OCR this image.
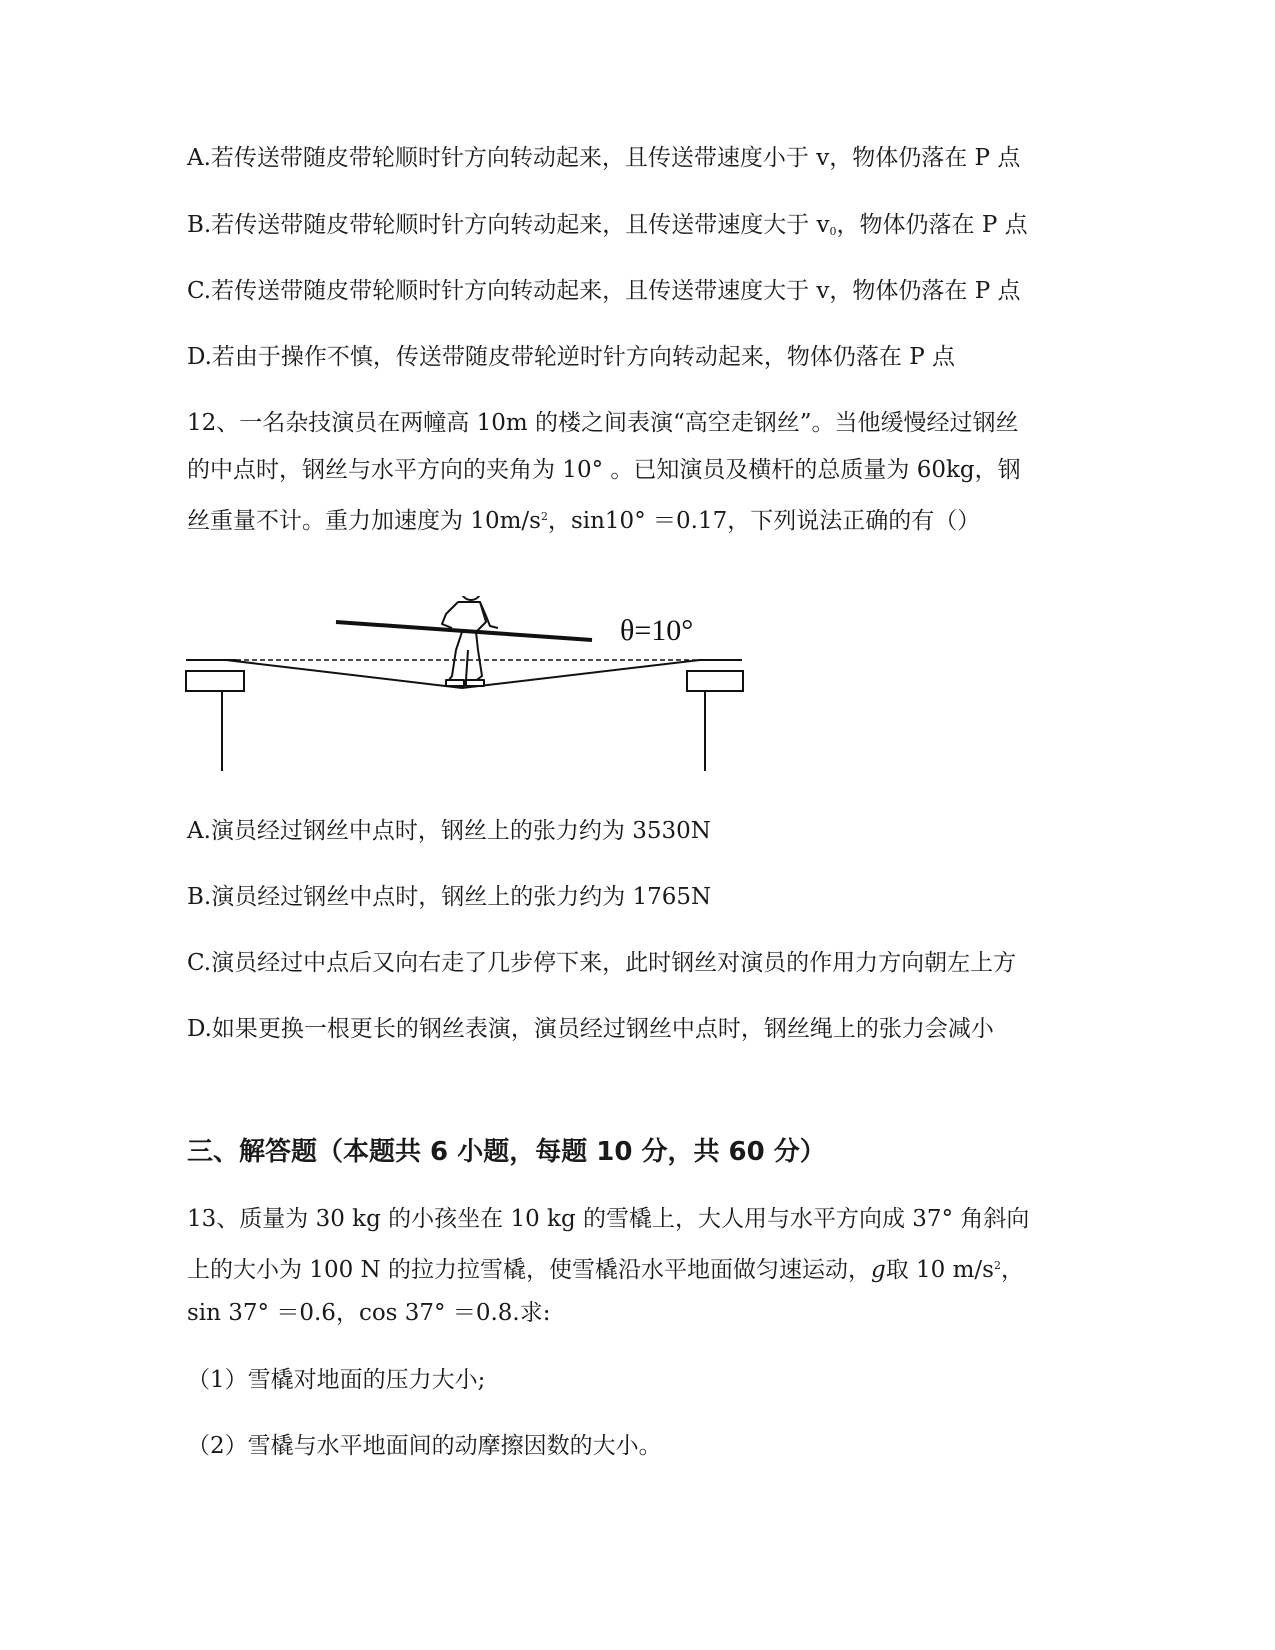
A.若传送带随皮带轮顺时针方向转动起来，且传送带速度小于 v，物体仍落在 P 点
B.若传送带随皮带轮顺时针方向转动起来，且传送带速度大于 $v_0$，物体仍落在 P 点
C.若传送带随皮带轮顺时针方向转动起来，且传送带速度大于 v，物体仍落在 P 点
D.若由于操作不慎，传送带随皮带轮逆时针方向转动起来，物体仍落在 P 点
12、一名杂技演员在两幢高 10m 的楼之间表演“高空走钢丝”。当他缓慢经过钢丝
的中点时，钢丝与水平方向的夹角为 10° 。已知演员及横杆的总质量为 60kg，钢
丝重量不计。重力加速度为 $10m/s^2$，sin10° ＝0.17，下列说法正确的有（）
θ=10°
A.演员经过钢丝中点时，钢丝上的张力约为 3530N
B.演员经过钢丝中点时，钢丝上的张力约为 1765N
C.演员经过中点后又向右走了几步停下来，此时钢丝对演员的作用力方向朝左上方
D.如果更换一根更长的钢丝表演，演员经过钢丝中点时，钢丝绳上的张力会减小
三、解答题（本题共 6 小题，每题 10 分，共 60 分）
13、质量为 30 kg 的小孩坐在 10 kg 的雪橇上，大人用与水平方向成 37° 角斜向
上的大小为 100 N 的拉力拉雪橇，使雪橇沿水平地面做匀速运动，g取 10 $m/s^2$，
sin 37° ＝0.6，cos 37° ＝0.8.求:
（1）雪橇对地面的压力大小;
（2）雪橇与水平地面间的动摩擦因数的大小。
